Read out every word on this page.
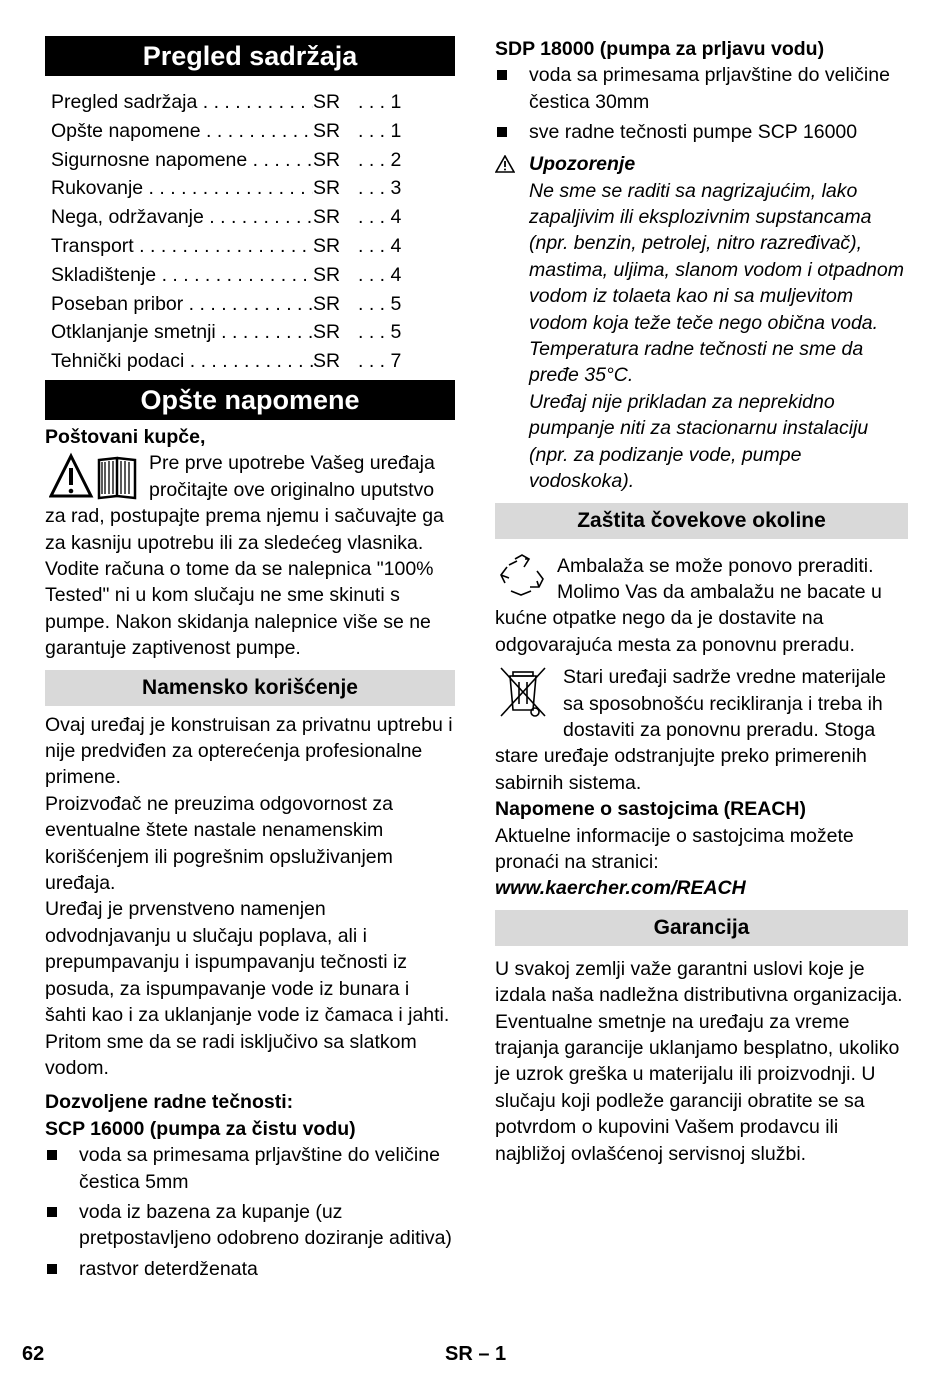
Pregled sadržaja
Pregled sadržaja . . .	SR . . . 1
Opšte napomene . . .	SR . . . 1
Sigurnosne napomene . . .	SR . . . 2
Rukovanje . . .	SR . . . 3
Nega, održavanje . . .	SR . . . 4
Transport . . .	SR . . . 4
Skladištenje . . .	SR . . . 4
Poseban pribor . . .	SR . . . 5
Otklanjanje smetnji . . .	SR . . . 5
Tehnički podaci . . .	SR . . . 7
Opšte napomene

Poštovani kupče,

Pre prve upotrebe Vašeg uređaja pročitajte ove originalno uputstvo za rad, postupajte prema njemu i sačuvajte ga za kasniju upotrebu ili za sledećeg vlasnika.

Vodite računa o tome da se nalepnica "100% Tested" ni u kom slučaju ne sme skinuti s pumpe. Nakon skidanja nalepnice više se ne garantuje zaptivenost pumpe.

Namensko korišćenje

Ovaj uređaj je konstruisan za privatnu uptrebu i nije predviđen za opterećenja profesionalne primene.

Proizvođač ne preuzima odgovornost za eventualne štete nastale nenamenskim korišćenjem ili pogrešnim opsluživanjem uređaja.

Uređaj je prvenstveno namenjen odvodnjavanju u slučaju poplava, ali i prepumpavanju i ispumpavanju tečnosti iz posuda, za ispumpavanje vode iz bunara i šahti kao i za uklanjanje vode iz čamaca i jahti. Pritom sme da se radi isključivo sa slatkom vodom.

Dozvoljene radne tečnosti:

SCP 16000 (pumpa za čistu vodu)

voda sa primesama prljavštine do veličine čestica 5mm
voda iz bazena za kupanje (uz pretpostavljeno odobreno doziranje aditiva)
rastvor deterdženata

SDP 18000 (pumpa za prljavu vodu)

voda sa primesama prljavštine do veličine čestica 30mm
sve radne tečnosti pumpe SCP 16000
Upozorenje

Ne sme se raditi sa nagrizajućim, lako zapaljivim ili eksplozivnim supstancama (npr. benzin, petrolej, nitro razređivač), mastima, uljima, slanom vodom i otpadnom vodom iz tolaeta kao ni sa muljevitom vodom koja teže teče nego obična voda. Temperatura radne tečnosti ne sme da pređe 35°C.

Uređaj nije prikladan za neprekidno pumpanje niti za stacionarnu instalaciju (npr. za podizanje vode, pumpe vodoskoka).

Zaštita čovekove okoline

Ambalaža se može ponovo preraditi. Molimo Vas da ambalažu ne bacate u kućne otpatke nego da je dostavite na odgovarajuća mesta za ponovnu preradu.

Stari uređaji sadrže vredne materijale sa sposobnošću recikliranja i treba ih dostaviti za ponovnu preradu. Stoga stare uređaje odstranjujte preko primerenih sabirnih sistema.

Napomene o sastojcima (REACH)

Aktuelne informacije o sastojcima možete pronaći na stranici:

www.kaercher.com/REACH

Garancija

U svakoj zemlji važe garantni uslovi koje je izdala naša nadležna distributivna organizacija. Eventualne smetnje na uređaju za vreme trajanja garancije uklanjamo besplatno, ukoliko je uzrok greška u materijalu ili proizvodnji. U slučaju koji podleže garanciji obratite se sa potvrdom o kupovini Vašem prodavcu ili najbližoj ovlašćenoj servisnoj službi.

62	SR – 1
